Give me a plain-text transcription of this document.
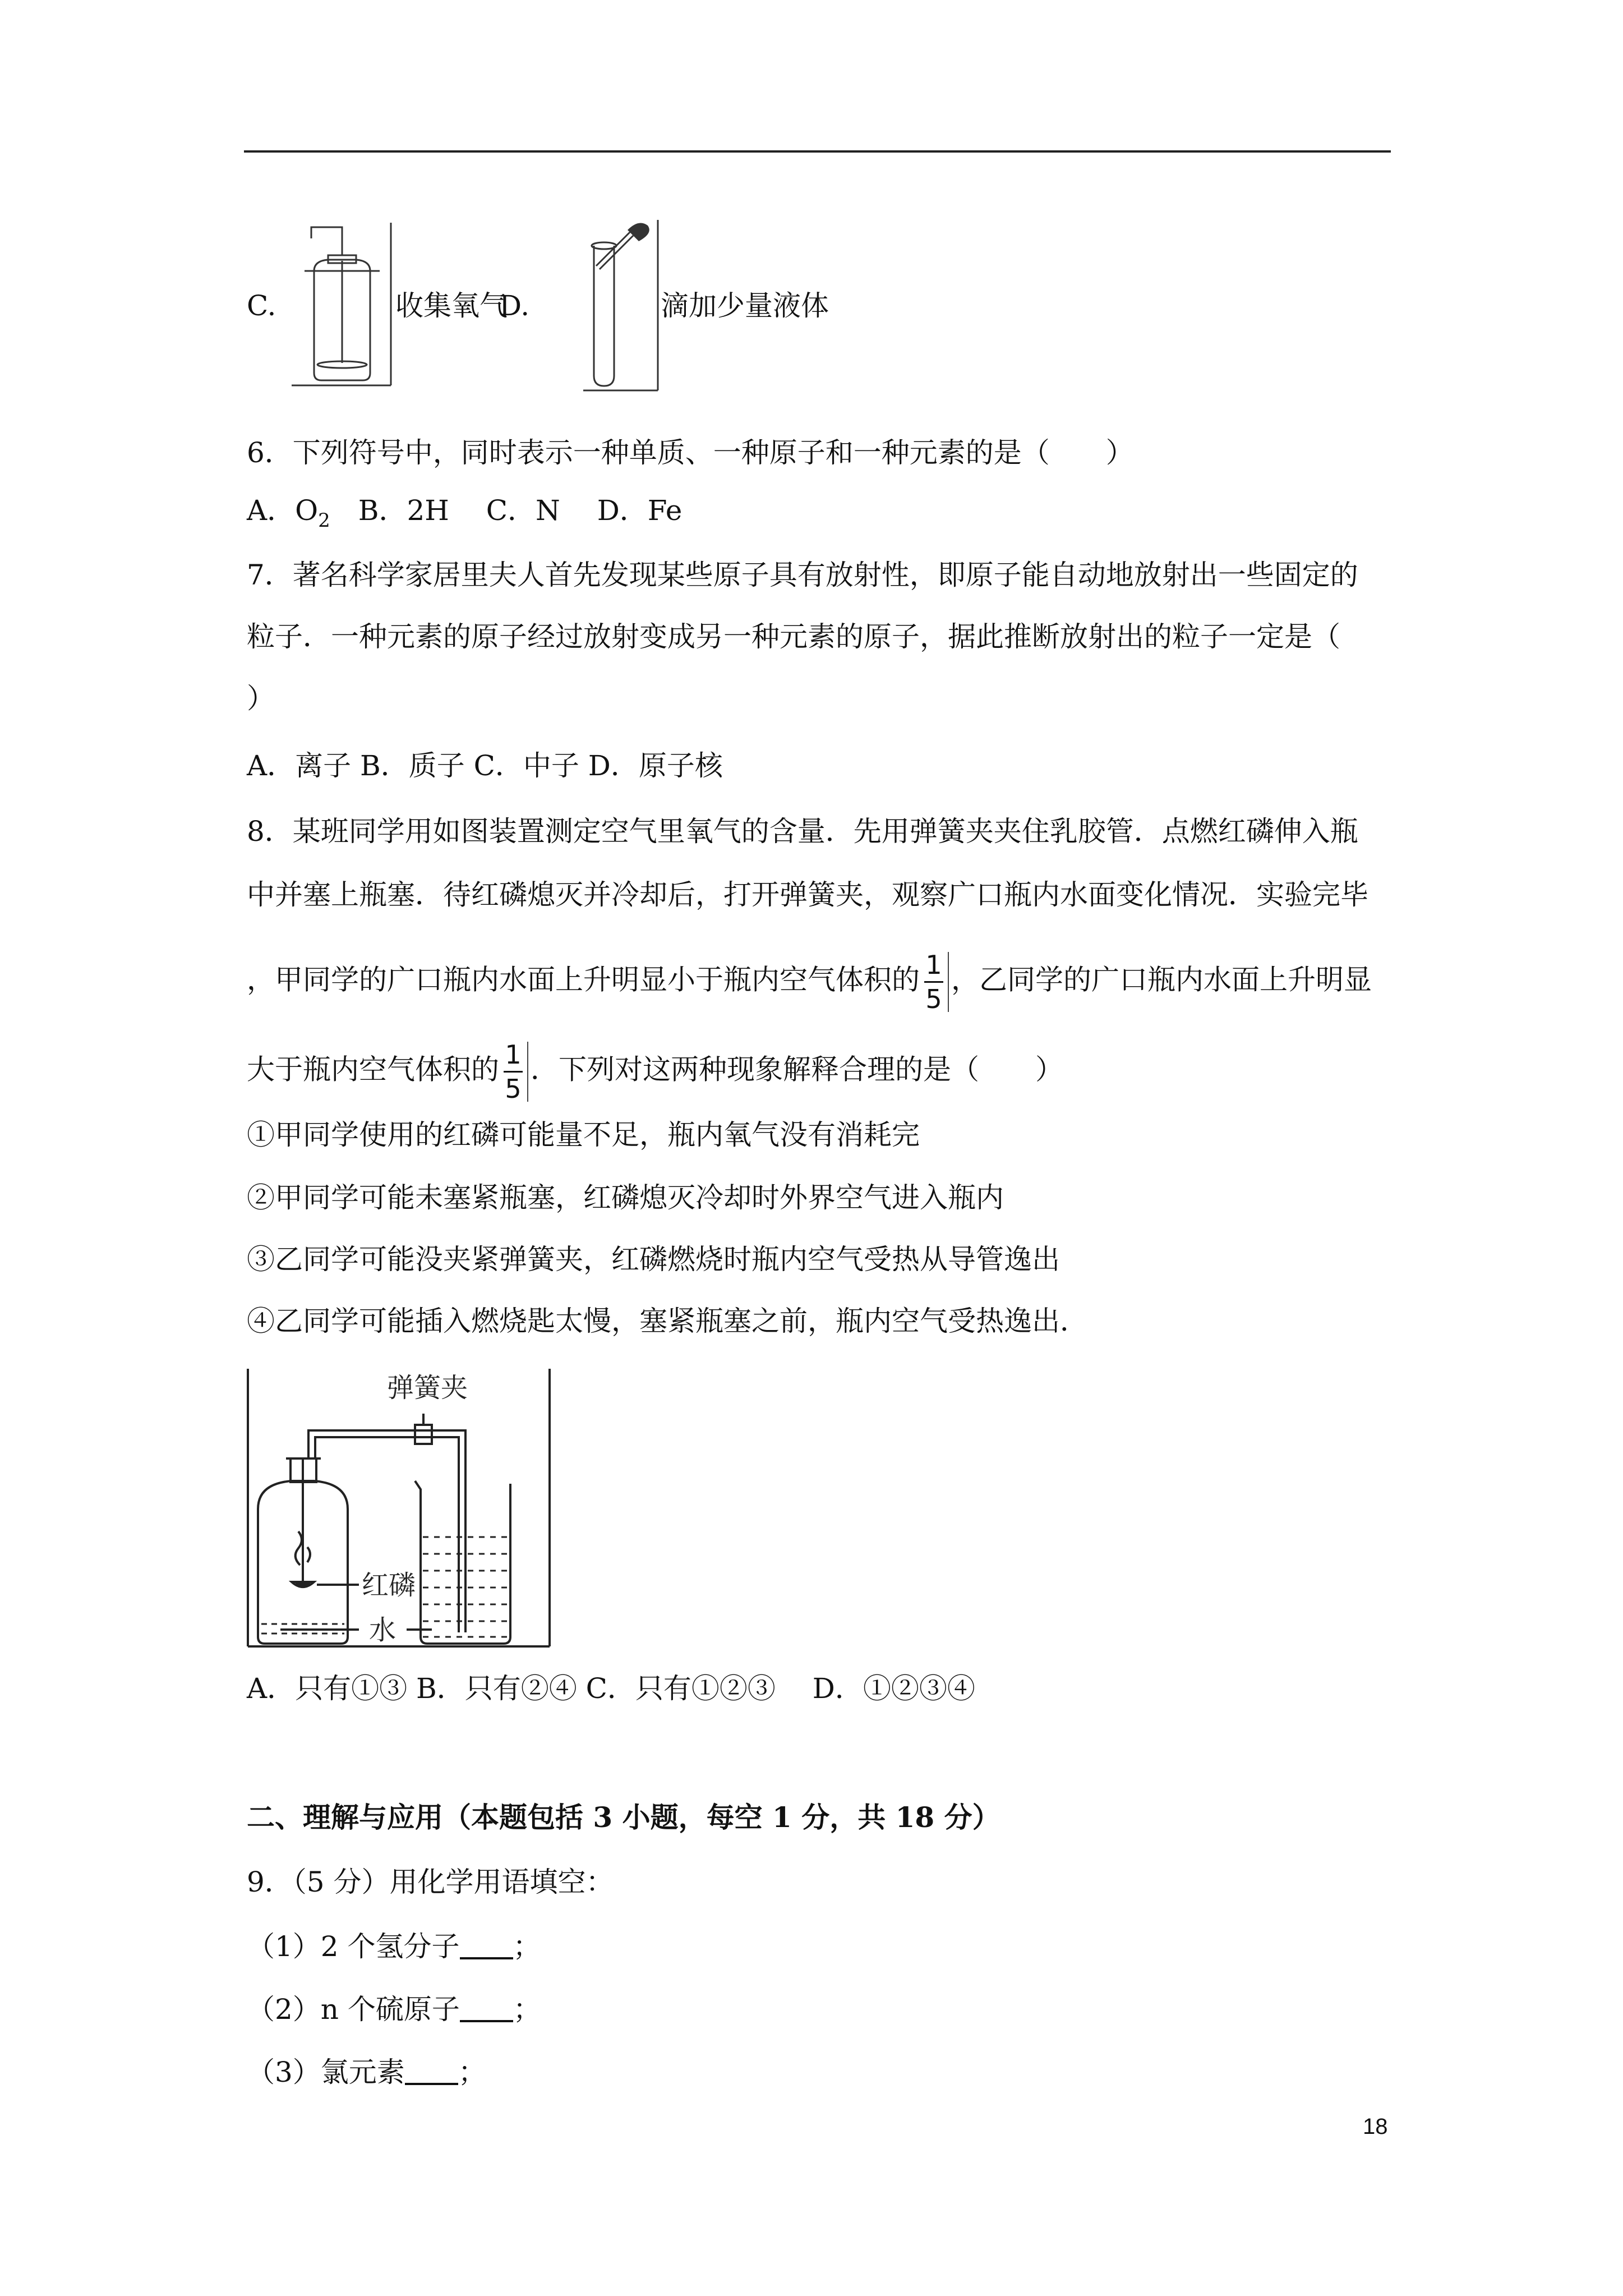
C.	收集氧气
D.	滴加少量液体
6．下列符号中，同时表示一种单质、一种原子和一种元素的是（　　）
A．$O_2$　B．2H　 C．N　 D．Fe
7．著名科学家居里夫人首先发现某些原子具有放射性，即原子能自动地放射出一些固定的
粒子．一种元素的原子经过放射变成另一种元素的原子，据此推断放射出的粒子一定是（
）
A．离子 B．质子 C．中子 D．原子核
8．某班同学用如图装置测定空气里氧气的含量．先用弹簧夹夹住乳胶管．点燃红磷伸入瓶
中并塞上瓶塞．待红磷熄灭并冷却后，打开弹簧夹，观察广口瓶内水面变化情况．实验完毕
，甲同学的广口瓶内水面上升明显小于瓶内空气体积的 $\frac{1}{5}$ ，乙同学的广口瓶内水面上升明显
大于瓶内空气体积的 $\frac{1}{5}$ ．下列对这两种现象解释合理的是（　　）
①甲同学使用的红磷可能量不足，瓶内氧气没有消耗完
②甲同学可能未塞紧瓶塞，红磷熄灭冷却时外界空气进入瓶内
③乙同学可能没夹紧弹簧夹，红磷燃烧时瓶内空气受热从导管逸出
④乙同学可能插入燃烧匙太慢，塞紧瓶塞之前，瓶内空气受热逸出．
弹簧夹
红磷
水
A．只有①③ B．只有②④ C．只有①②③　 D．①②③④
二、理解与应用（本题包括 3 小题，每空 1 分，共 18 分）
9．（5 分）用化学用语填空：
（1）2 个氢分子 ；
（2）n 个硫原子 ；
（3）氯元素 ；
18
